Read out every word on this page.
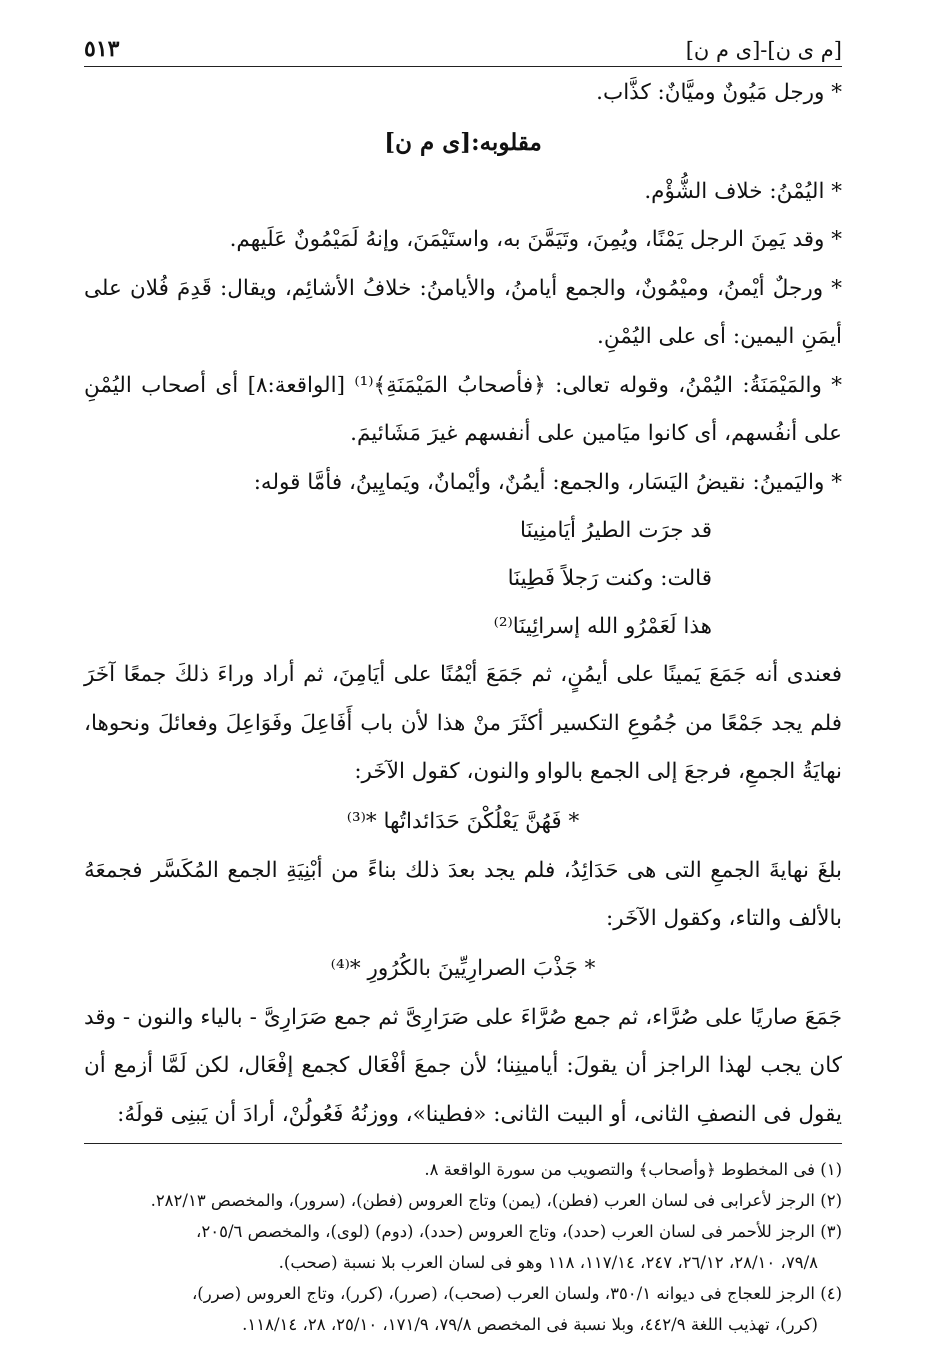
[م ى ن]-[ى م ن]
٥١٣

* ورجل مَيُونٌ وميَّانٌ: كذَّاب.

مقلوبه:[ى م ن]

* اليُمْنُ: خلاف الشُّؤْم.

* وقد يَمِنَ الرجل يَمْنًا، ويُمِنَ، وتَيَمَّنَ به، واستَيْمَنَ، وإنهُ لَمَيْمُونٌ عَلَيهم.

* ورجلٌ أيْمنُ، وميْمُونٌ، والجمع أيامنُ، والأيامنُ: خلافُ الأشائِم، ويقال: قَدِمَ فُلان على أيمَنِ اليمين: أى على اليُمْنِ.

* والمَيْمَنَةُ: اليُمْنُ، وقوله تعالى: ﴿فأصحابُ المَيْمَنَةِ﴾⁽¹⁾ [الواقعة:٨] أى أصحاب اليُمْنِ على أنفُسهم، أى كانوا ميَامين على أنفسهم غيرَ مَشَائيمَ.

* واليَمينُ: نقيضُ اليَسَار، والجمع: أيمُنٌ، وأيْمانٌ، ويَمايِينُ، فأمَّا قوله:

قد جرَت الطيرُ أيَامنِينَا

قالت: وكنت رَجلاً فَطِينَا

هذا لَعَمْرُو الله إسرائِينَا⁽²⁾

فعندى أنه جَمَعَ يَمينًا على أيمُنٍ، ثم جَمَعَ أيْمُنًا على أيَامِنَ، ثم أراد وراءَ ذلكَ جمعًا آخَرَ فلم يجد جَمْعًا من جُمُوعِ التكسير أكثَرَ منْ هذا لأن باب أَفَاعِلَ وفَوَاعِلَ وفعائلَ ونحوها، نهايَةُ الجمعِ، فرجعَ إلى الجمع بالواو والنون، كقول الآخَر:

* فَهُنَّ يَعْلُكْنَ حَدَائداتُها *⁽³⁾

بلغَ نهايةَ الجمعِ التى هى حَدَائِدُ، فلم يجد بعدَ ذلك بناءً من أبْنِيَةِ الجمع المُكَسَّر فجمعَهُ بالألف والتاء، وكقول الآخَر:

* جَذْبَ الصرارِيِّينَ بالكُرُورِ *⁽⁴⁾

جَمَعَ صاريًا على صُرَّاء، ثم جمع صُرَّاءَ على صَرَارِىَّ ثم جمع صَرَارِىَّ - بالياء والنون - وقد كان يجب لهذا الراجز أن يقولَ: أيامينِنا؛ لأن جمعَ أفْعَال كجمع إفْعَال، لكن لَمَّا أزمع أن يقول فى النصفِ الثانى، أو البيت الثانى: «فطينا»، ووزنُهُ فَعُولُنْ، أرادَ أن يَبنِى قولَهُ:

(١) فى المخطوط ﴿وأصحاب﴾ والتصويب من سورة الواقعة ٨.

(٢) الرجز لأعرابى فى لسان العرب (فطن)، (يمن) وتاج العروس (فطن)، (سرور)، والمخصص ٢٨٢/١٣.

(٣) الرجز للأحمر فى لسان العرب (حدد)، وتاج العروس (حدد)، (دوم) (لوى)، والمخصص ٢٠٥/٦،

٧٩/٨، ٢٨/١٠، ٢٦/١٢، ٢٤٧، ١١٧/١٤، ١١٨ وهو فى لسان العرب بلا نسبة (صحب).

(٤) الرجز للعجاج فى ديوانه ٣٥٠/١، ولسان العرب (صحب)، (صرر)، (كرر)، وتاج العروس (صرر)،

(كرر)، تهذيب اللغة ٤٤٢/٩، وبلا نسبة فى المخصص ٧٩/٨، ١٧١/٩، ٢٥/١٠، ٢٨، ١١٨/١٤.
